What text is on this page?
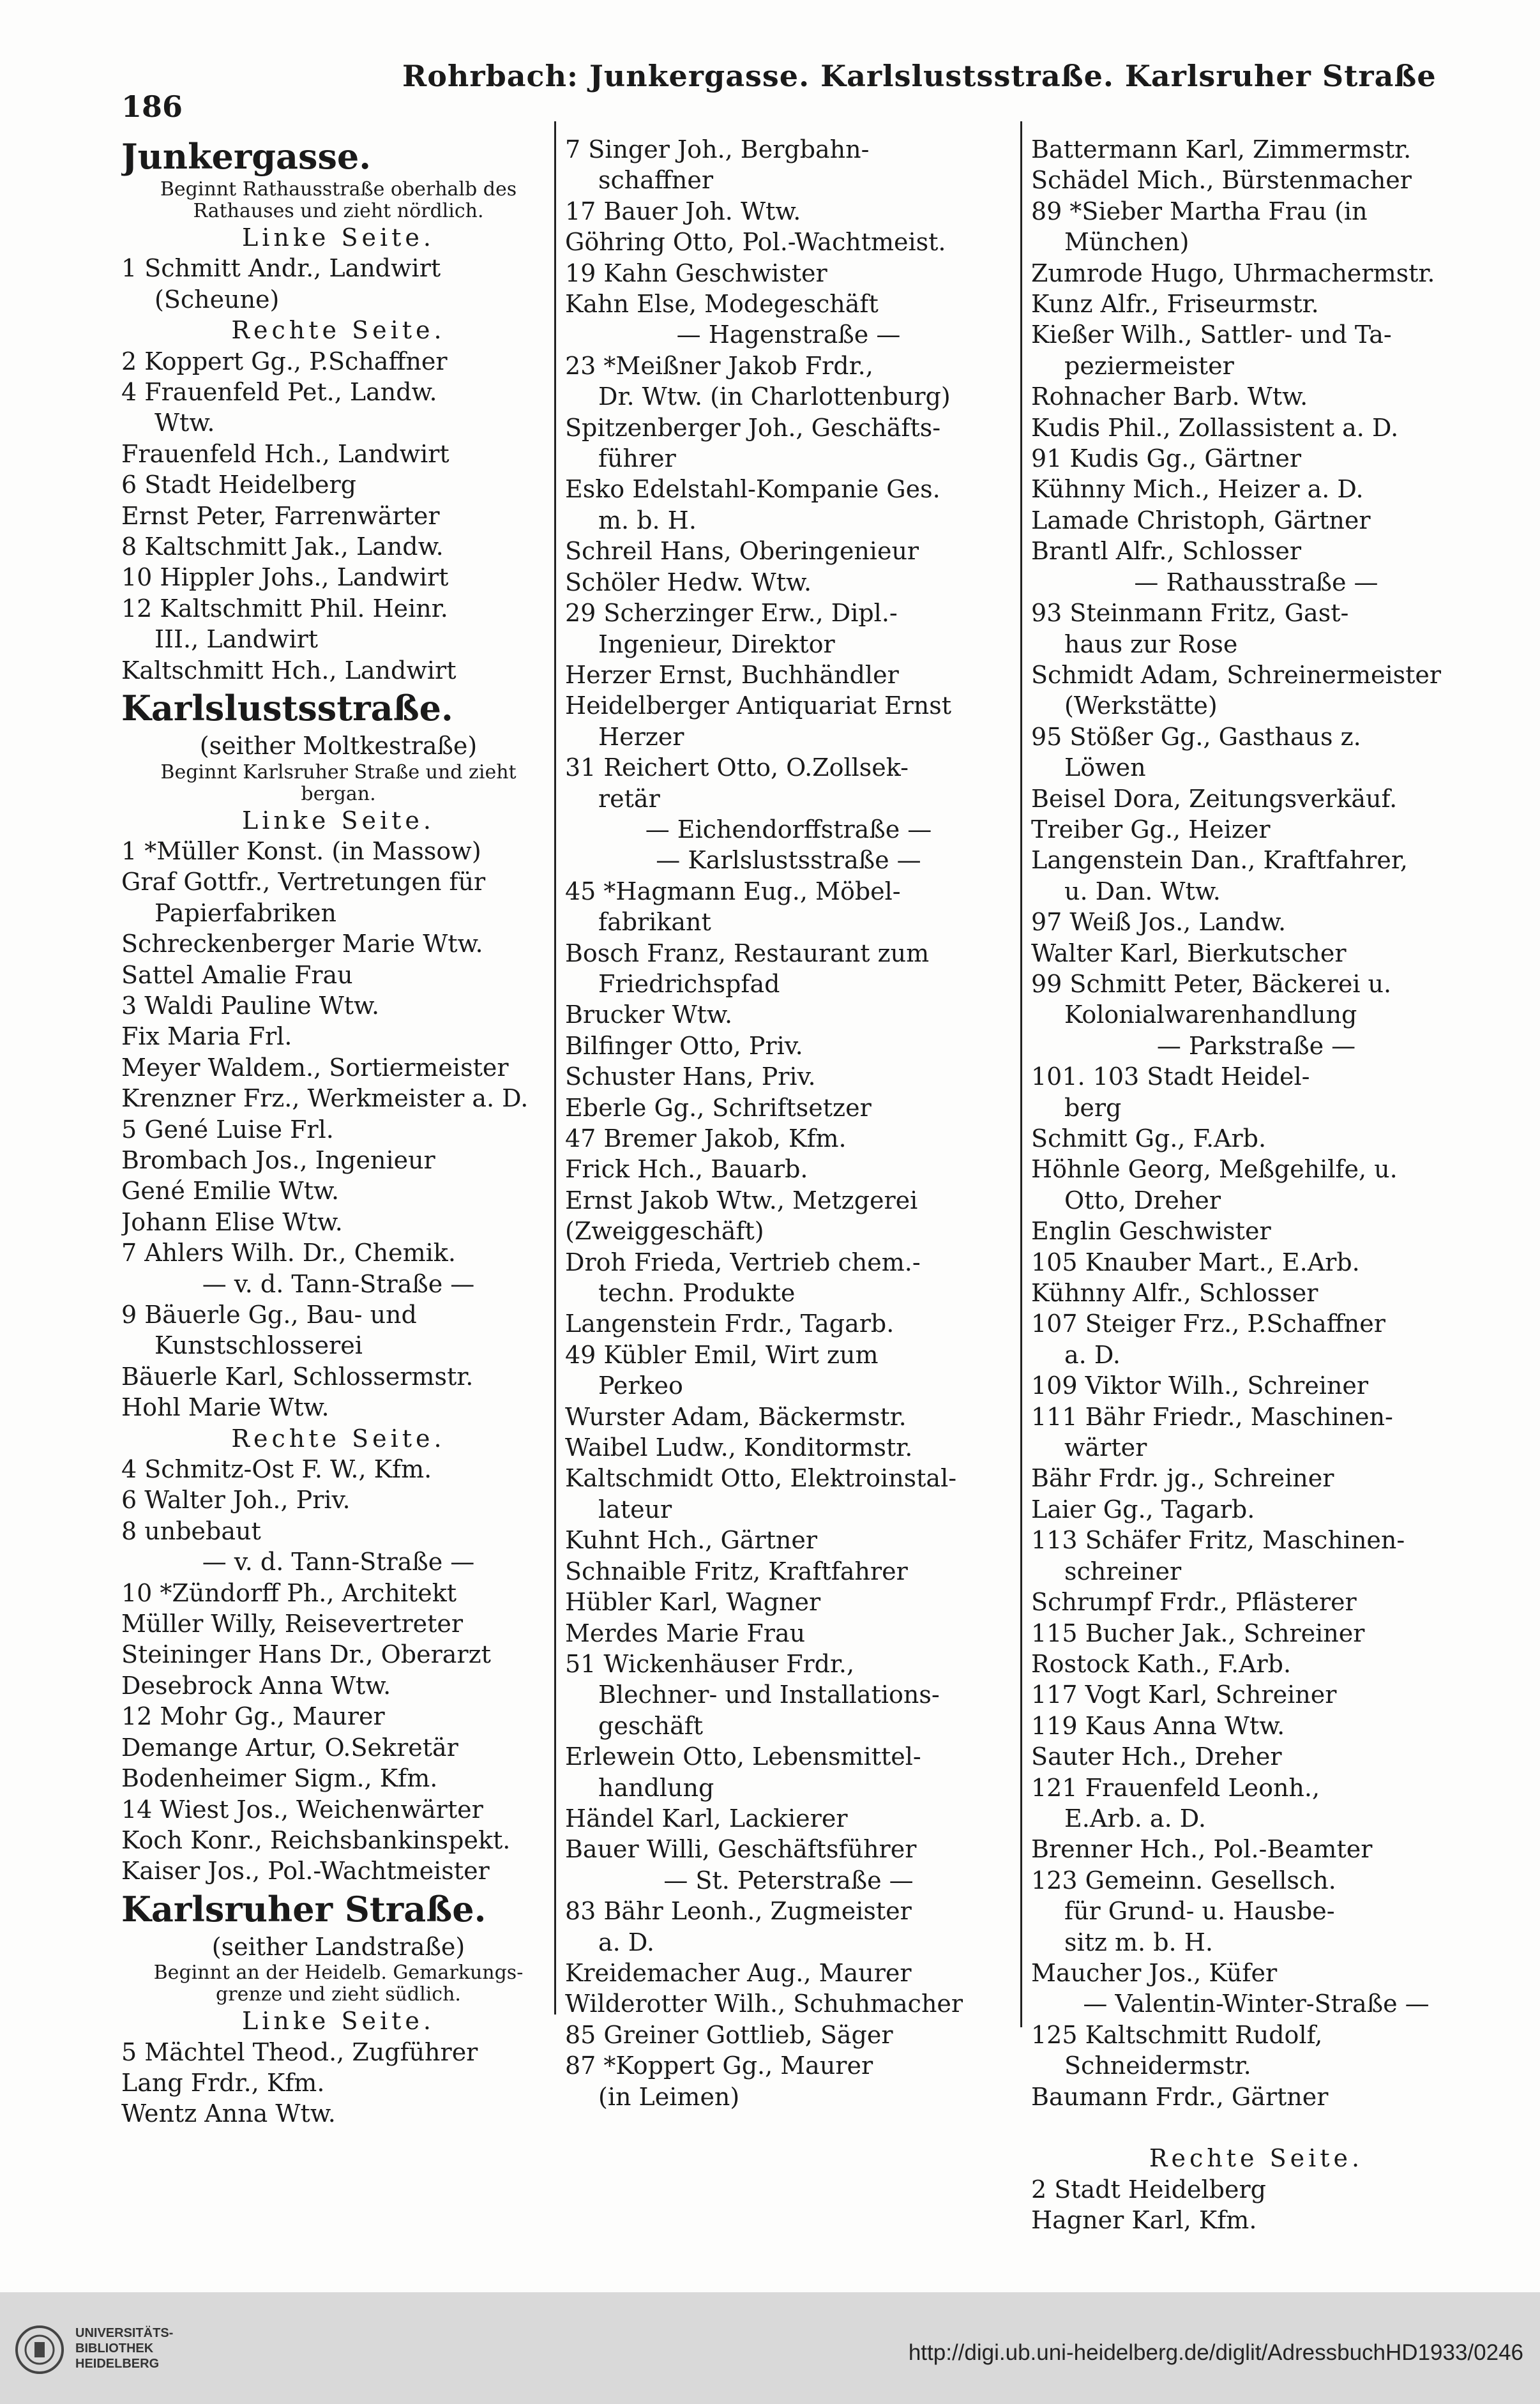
186
Rohrbach: Junkergasse. Karlslustsstraße. Karlsruher Straße
Junkergasse.
Beginnt Rathausstraße oberhalb des
Rathauses und zieht nördlich.
Linke Seite.
1 Schmitt Andr., Landwirt
(Scheune)
Rechte Seite.
2 Koppert Gg., P.Schaffner
4 Frauenfeld Pet., Landw.
Wtw.
Frauenfeld Hch., Landwirt
6 Stadt Heidelberg
Ernst Peter, Farrenwärter
8 Kaltschmitt Jak., Landw.
10 Hippler Johs., Landwirt
12 Kaltschmitt Phil. Heinr.
III., Landwirt
Kaltschmitt Hch., Landwirt
Karlslustsstraße.
(seither Moltkestraße)
Beginnt Karlsruher Straße und zieht
bergan.
Linke Seite.
1 *Müller Konst. (in Massow)
Graf Gottfr., Vertretungen für
Papierfabriken
Schreckenberger Marie Wtw.
Sattel Amalie Frau
3 Waldi Pauline Wtw.
Fix Maria Frl.
Meyer Waldem., Sortiermeister
Krenzner Frz., Werkmeister a. D.
5 Gené Luise Frl.
Brombach Jos., Ingenieur
Gené Emilie Wtw.
Johann Elise Wtw.
7 Ahlers Wilh. Dr., Chemik.
— v. d. Tann-Straße —
9 Bäuerle Gg., Bau- und
Kunstschlosserei
Bäuerle Karl, Schlossermstr.
Hohl Marie Wtw.
Rechte Seite.
4 Schmitz-Ost F. W., Kfm.
6 Walter Joh., Priv.
8 unbebaut
— v. d. Tann-Straße —
10 *Zündorff Ph., Architekt
Müller Willy, Reisevertreter
Steininger Hans Dr., Oberarzt
Desebrock Anna Wtw.
12 Mohr Gg., Maurer
Demange Artur, O.Sekretär
Bodenheimer Sigm., Kfm.
14 Wiest Jos., Weichenwärter
Koch Konr., Reichsbankinspekt.
Kaiser Jos., Pol.-Wachtmeister
Karlsruher Straße.
(seither Landstraße)
Beginnt an der Heidelb. Gemarkungs-
grenze und zieht südlich.
Linke Seite.
5 Mächtel Theod., Zugführer
Lang Frdr., Kfm.
Wentz Anna Wtw.
7 Singer Joh., Bergbahn-
schaffner
17 Bauer Joh. Wtw.
Göhring Otto, Pol.-Wachtmeist.
19 Kahn Geschwister
Kahn Else, Modegeschäft
— Hagenstraße —
23 *Meißner Jakob Frdr.,
Dr. Wtw. (in Charlottenburg)
Spitzenberger Joh., Geschäfts-
führer
Esko Edelstahl-Kompanie Ges.
m. b. H.
Schreil Hans, Oberingenieur
Schöler Hedw. Wtw.
29 Scherzinger Erw., Dipl.-
Ingenieur, Direktor
Herzer Ernst, Buchhändler
Heidelberger Antiquariat Ernst
Herzer
31 Reichert Otto, O.Zollsek-
retär
— Eichendorffstraße —
— Karlslustsstraße —
45 *Hagmann Eug., Möbel-
fabrikant
Bosch Franz, Restaurant zum
Friedrichspfad
Brucker Wtw.
Bilfinger Otto, Priv.
Schuster Hans, Priv.
Eberle Gg., Schriftsetzer
47 Bremer Jakob, Kfm.
Frick Hch., Bauarb.
Ernst Jakob Wtw., Metzgerei
(Zweiggeschäft)
Droh Frieda, Vertrieb chem.-
techn. Produkte
Langenstein Frdr., Tagarb.
49 Kübler Emil, Wirt zum
Perkeo
Wurster Adam, Bäckermstr.
Waibel Ludw., Konditormstr.
Kaltschmidt Otto, Elektroinstal-
lateur
Kuhnt Hch., Gärtner
Schnaible Fritz, Kraftfahrer
Hübler Karl, Wagner
Merdes Marie Frau
51 Wickenhäuser Frdr.,
Blechner- und Installations-
geschäft
Erlewein Otto, Lebensmittel-
handlung
Händel Karl, Lackierer
Bauer Willi, Geschäftsführer
— St. Peterstraße —
83 Bähr Leonh., Zugmeister
a. D.
Kreidemacher Aug., Maurer
Wilderotter Wilh., Schuhmacher
85 Greiner Gottlieb, Säger
87 *Koppert Gg., Maurer
(in Leimen)
Battermann Karl, Zimmermstr.
Schädel Mich., Bürstenmacher
89 *Sieber Martha Frau (in
München)
Zumrode Hugo, Uhrmachermstr.
Kunz Alfr., Friseurmstr.
Kießer Wilh., Sattler- und Ta-
peziermeister
Rohnacher Barb. Wtw.
Kudis Phil., Zollassistent a. D.
91 Kudis Gg., Gärtner
Kühnny Mich., Heizer a. D.
Lamade Christoph, Gärtner
Brantl Alfr., Schlosser
— Rathausstraße —
93 Steinmann Fritz, Gast-
haus zur Rose
Schmidt Adam, Schreinermeister
(Werkstätte)
95 Stößer Gg., Gasthaus z.
Löwen
Beisel Dora, Zeitungsverkäuf.
Treiber Gg., Heizer
Langenstein Dan., Kraftfahrer,
u. Dan. Wtw.
97 Weiß Jos., Landw.
Walter Karl, Bierkutscher
99 Schmitt Peter, Bäckerei u.
Kolonialwarenhandlung
— Parkstraße —
101. 103 Stadt Heidel-
berg
Schmitt Gg., F.Arb.
Höhnle Georg, Meßgehilfe, u.
Otto, Dreher
Englin Geschwister
105 Knauber Mart., E.Arb.
Kühnny Alfr., Schlosser
107 Steiger Frz., P.Schaffner
a. D.
109 Viktor Wilh., Schreiner
111 Bähr Friedr., Maschinen-
wärter
Bähr Frdr. jg., Schreiner
Laier Gg., Tagarb.
113 Schäfer Fritz, Maschinen-
schreiner
Schrumpf Frdr., Pflästerer
115 Bucher Jak., Schreiner
Rostock Kath., F.Arb.
117 Vogt Karl, Schreiner
119 Kaus Anna Wtw.
Sauter Hch., Dreher
121 Frauenfeld Leonh.,
E.Arb. a. D.
Brenner Hch., Pol.-Beamter
123 Gemeinn. Gesellsch.
für Grund- u. Hausbe-
sitz m. b. H.
Maucher Jos., Küfer
— Valentin-Winter-Straße —
125 Kaltschmitt Rudolf,
Schneidermstr.
Baumann Frdr., Gärtner

Rechte Seite.
2 Stadt Heidelberg
Hagner Karl, Kfm.
UNIVERSITÄTS-
BIBLIOTHEK
HEIDELBERG	http://digi.ub.uni-heidelberg.de/diglit/AdressbuchHD1933/0246
